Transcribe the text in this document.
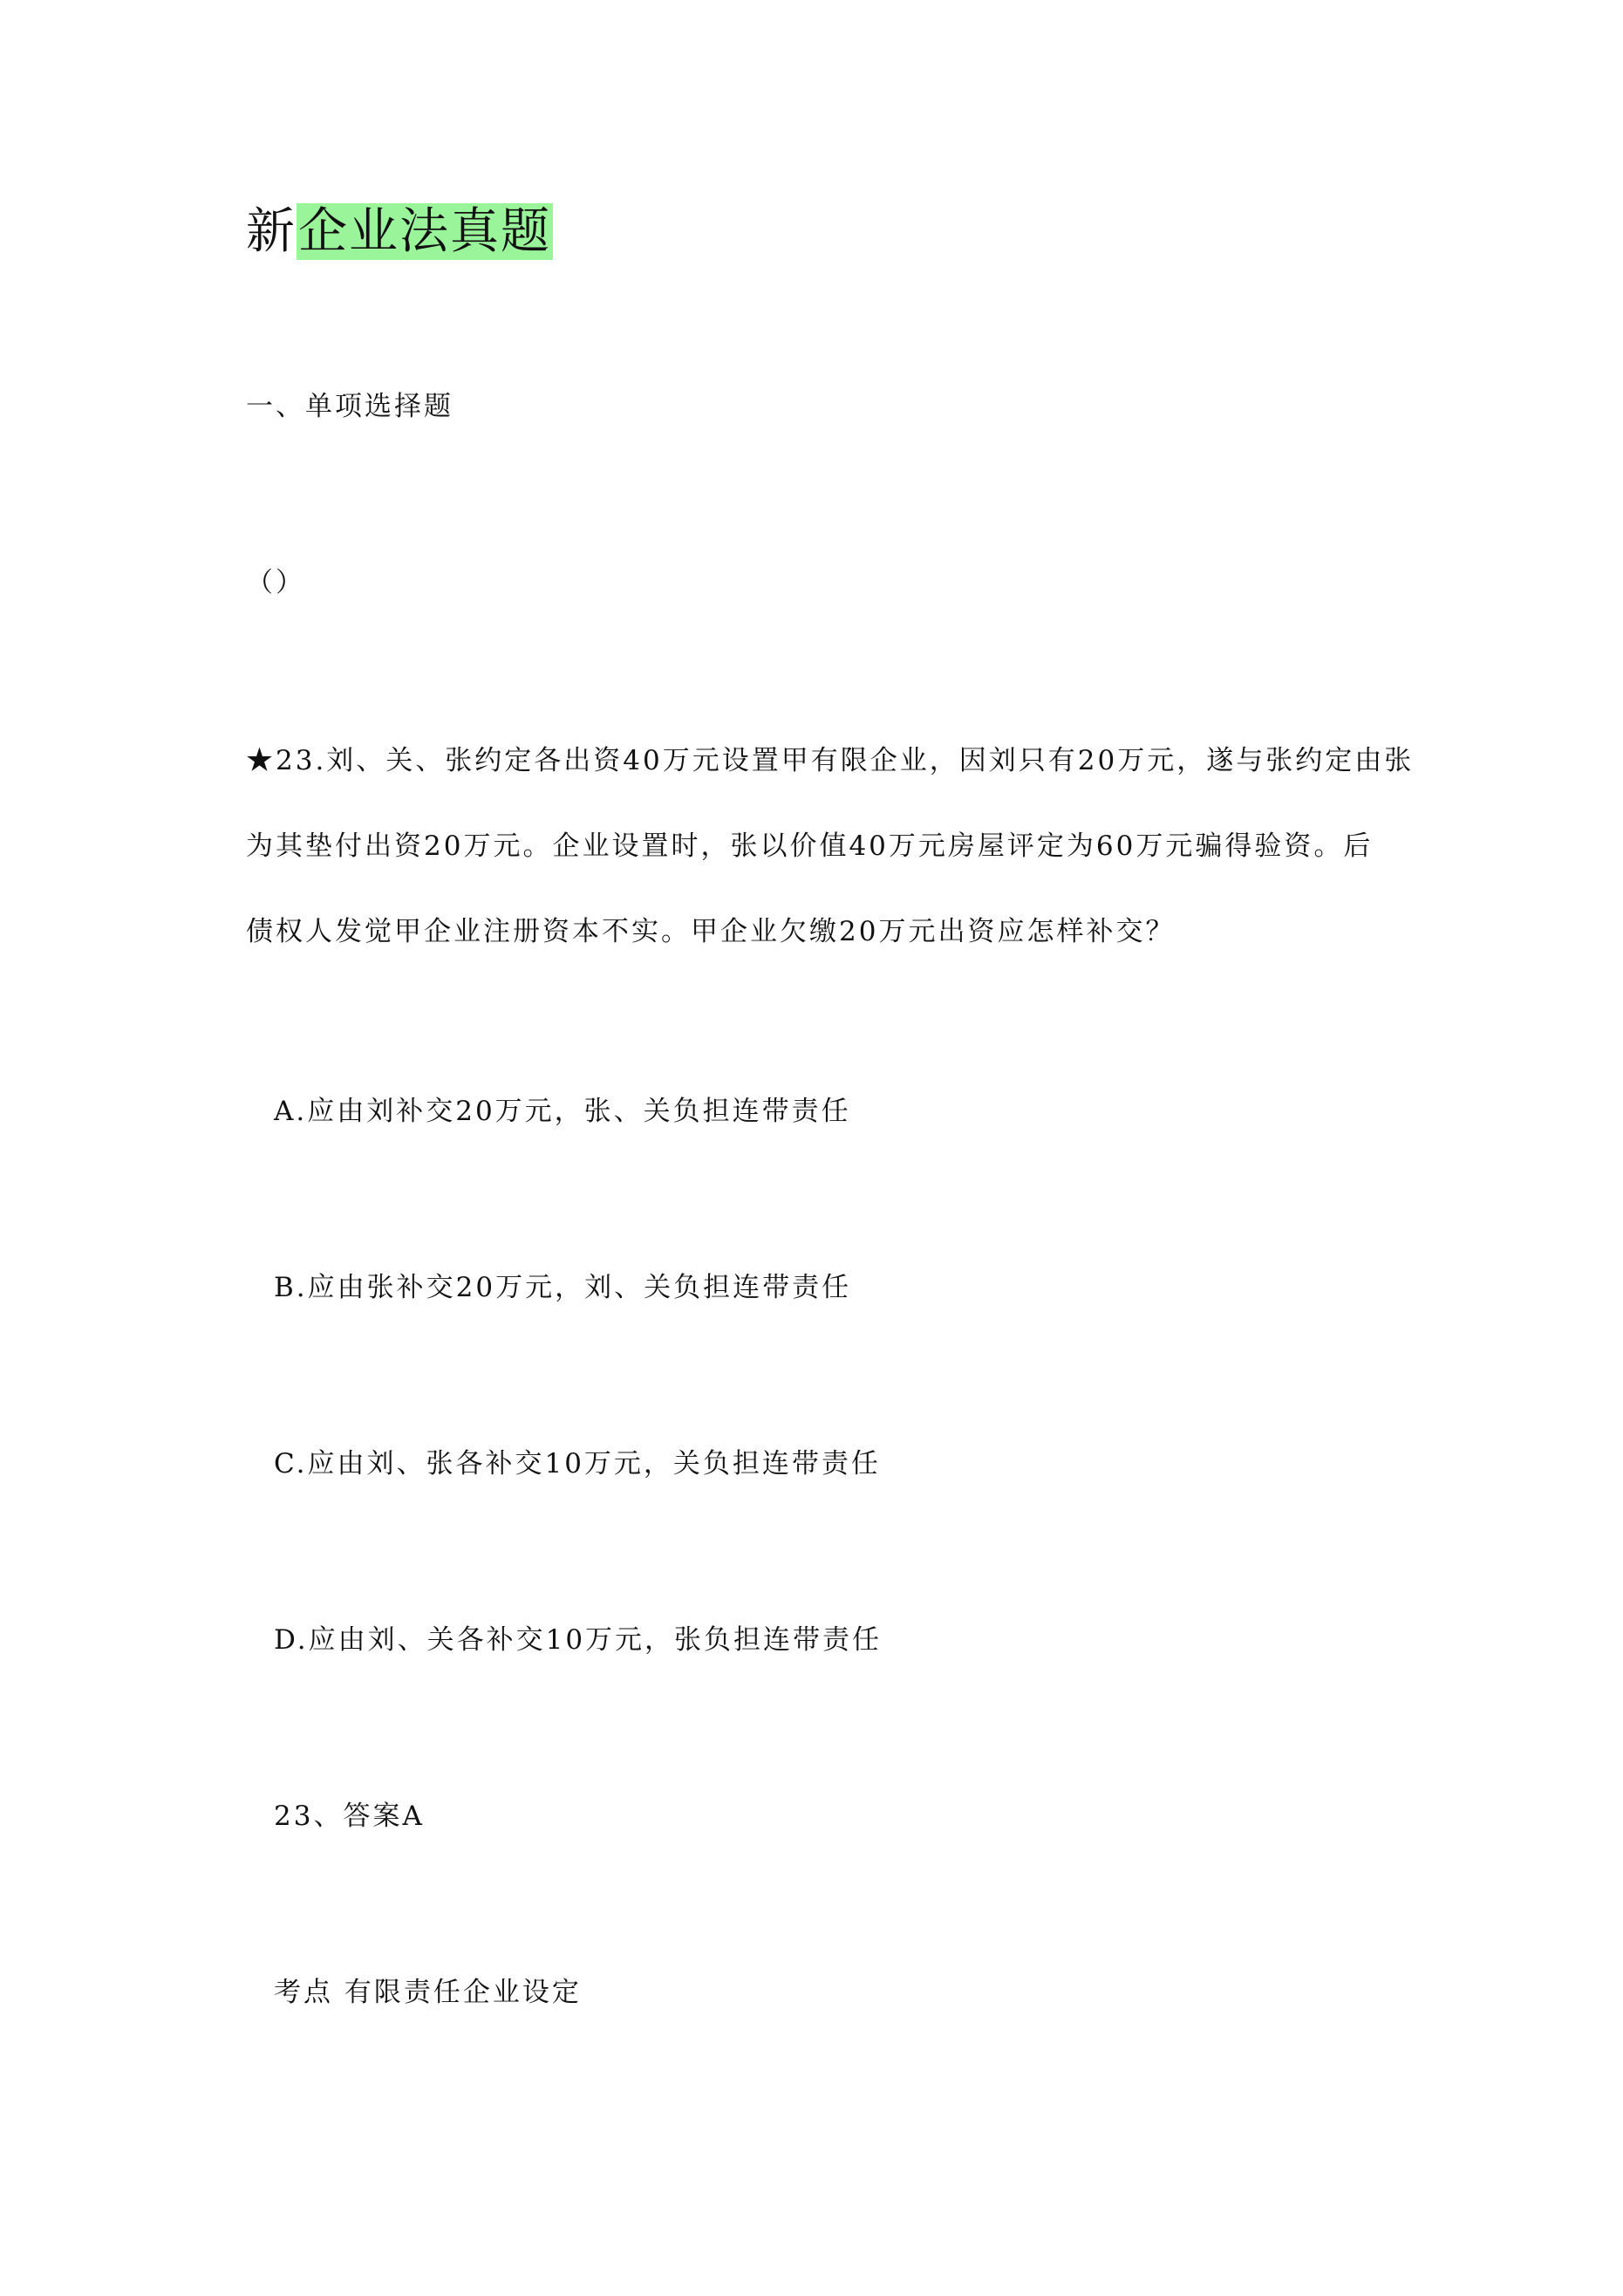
新企业法真题
一、单项选择题
（）
★23.刘、关、张约定各出资40万元设置甲有限企业，因刘只有20万元，遂与张约定由张
为其垫付出资20万元。企业设置时，张以价值40万元房屋评定为60万元骗得验资。后
债权人发觉甲企业注册资本不实。甲企业欠缴20万元出资应怎样补交？
A.应由刘补交20万元，张、关负担连带责任
B.应由张补交20万元，刘、关负担连带责任
C.应由刘、张各补交10万元，关负担连带责任
D.应由刘、关各补交10万元，张负担连带责任
23、答案A
考点 有限责任企业设定
